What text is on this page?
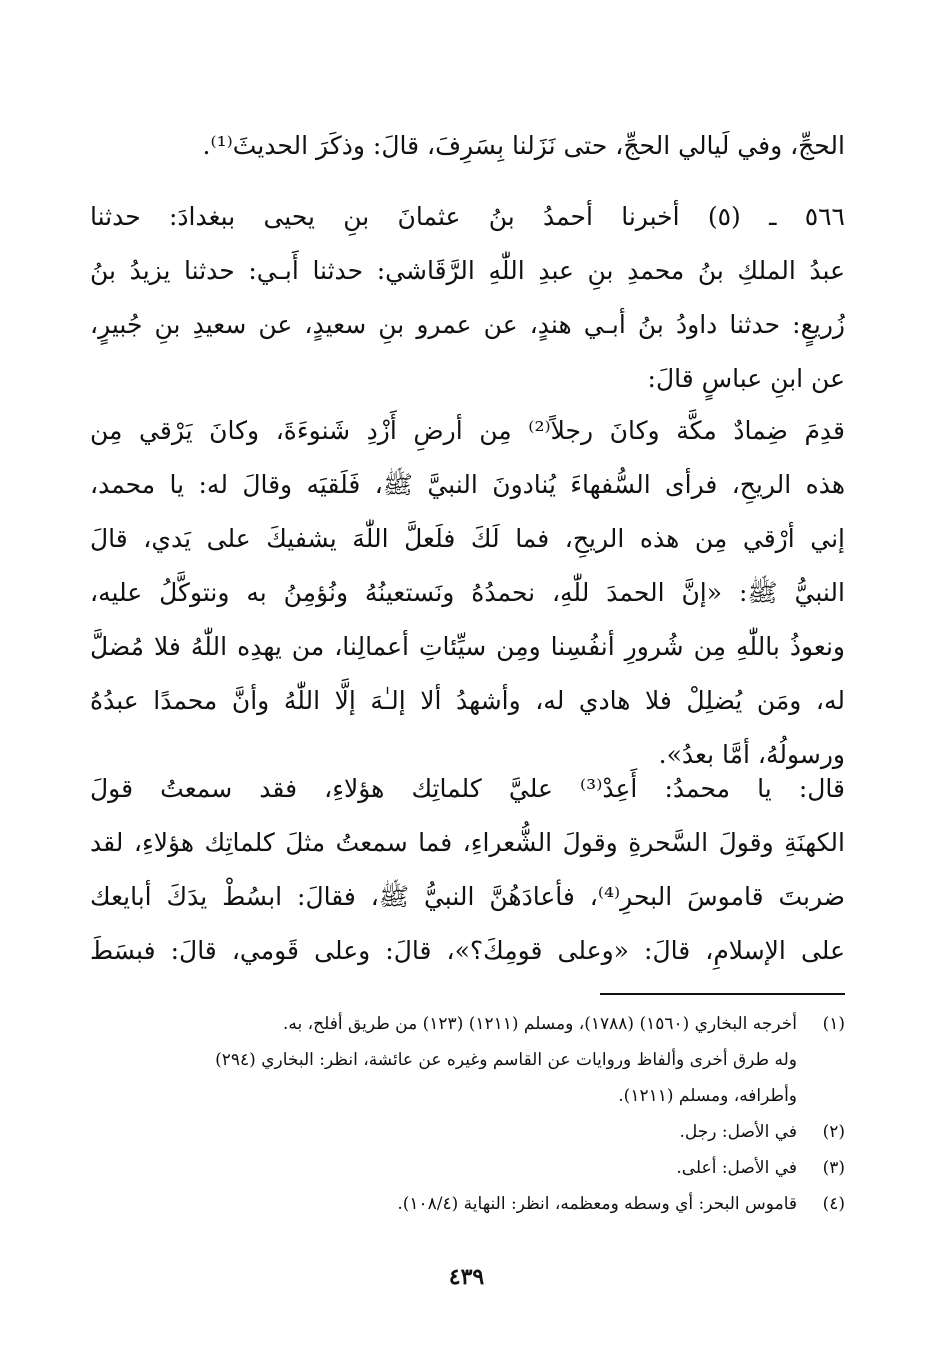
الحجِّ، وفي لَيالي الحجِّ، حتى نَزَلنا بِسَرِفَ، قالَ: وذكَرَ الحديثَ⁽¹⁾.
٥٦٦ ـ (٥) أخبرنا أحمدُ بنُ عثمانَ بنِ يحيى ببغدادَ: حدثنا
عبدُ الملكِ بنُ محمدِ بنِ عبدِ اللّٰهِ الرَّقَاشي: حدثنا أَبـي: حدثنا يزيدُ بنُ
زُريعٍ: حدثنا داودُ بنُ أبـي هندٍ، عن عمرو بنِ سعيدٍ، عن سعيدِ بنِ جُبيرٍ،
عن ابنِ عباسٍ قالَ:
قدِمَ ضِمادٌ مكَّة وكانَ رجلاً⁽²⁾ مِن أرضِ أَزْدِ شَنوءَةَ، وكانَ يَرْقي مِن
هذه الريحِ، فرأى السُّفهاءَ يُنادونَ النبيَّ ﷺ، فَلَقيَه وقالَ له: يا محمد،
إني أرْقي مِن هذه الريحِ، فما لَكَ فلَعلَّ اللّٰهَ يشفيكَ على يَدي، قالَ
النبيُّ ﷺ: «إنَّ الحمدَ للّٰهِ، نحمدُهُ ونَستعينُهُ ونُؤمِنُ به ونتوكَّلُ عليه،
ونعوذُ باللّٰهِ مِن شُرورِ أنفُسِنا ومِن سيِّئاتِ أعمالِنا، من يهدِه اللّٰهُ فلا مُضلَّ
له، ومَن يُضلِلْ فلا هادي له، وأشهدُ ألا إلـٰهَ إلَّا اللّٰهُ وأنَّ محمدًا عبدُهُ
ورسولُهُ، أمَّا بعدُ».
قال: يا محمدُ: أَعِدْ⁽³⁾ عليَّ كلماتِك هؤلاءِ، فقد سمعتُ قولَ
الكهنَةِ وقولَ السَّحرةِ وقولَ الشُّعراءِ، فما سمعتُ مثلَ كلماتِك هؤلاءِ، لقد
ضربتَ قاموسَ البحرِ⁽⁴⁾، فأعادَهُنَّ النبيُّ ﷺ، فقالَ: ابسُطْ يدَكَ أبايعك
على الإسلامِ، قالَ: «وعلى قومِكَ؟»، قالَ: وعلى قَومي، قالَ: فبسَطَ
(١)أخرجه البخاري (١٥٦٠) (١٧٨٨)، ومسلم (١٢١١) (١٢٣) من طريق أفلح، به.
وله طرق أخرى وألفاظ وروايات عن القاسم وغيره عن عائشة، انظر: البخاري (٢٩٤)
وأطرافه، ومسلم (١٢١١).
(٢)في الأصل: رجل.
(٣)في الأصل: أعلى.
(٤)قاموس البحر: أي وسطه ومعظمه، انظر: النهاية (١٠٨/٤).
٤٣٩
